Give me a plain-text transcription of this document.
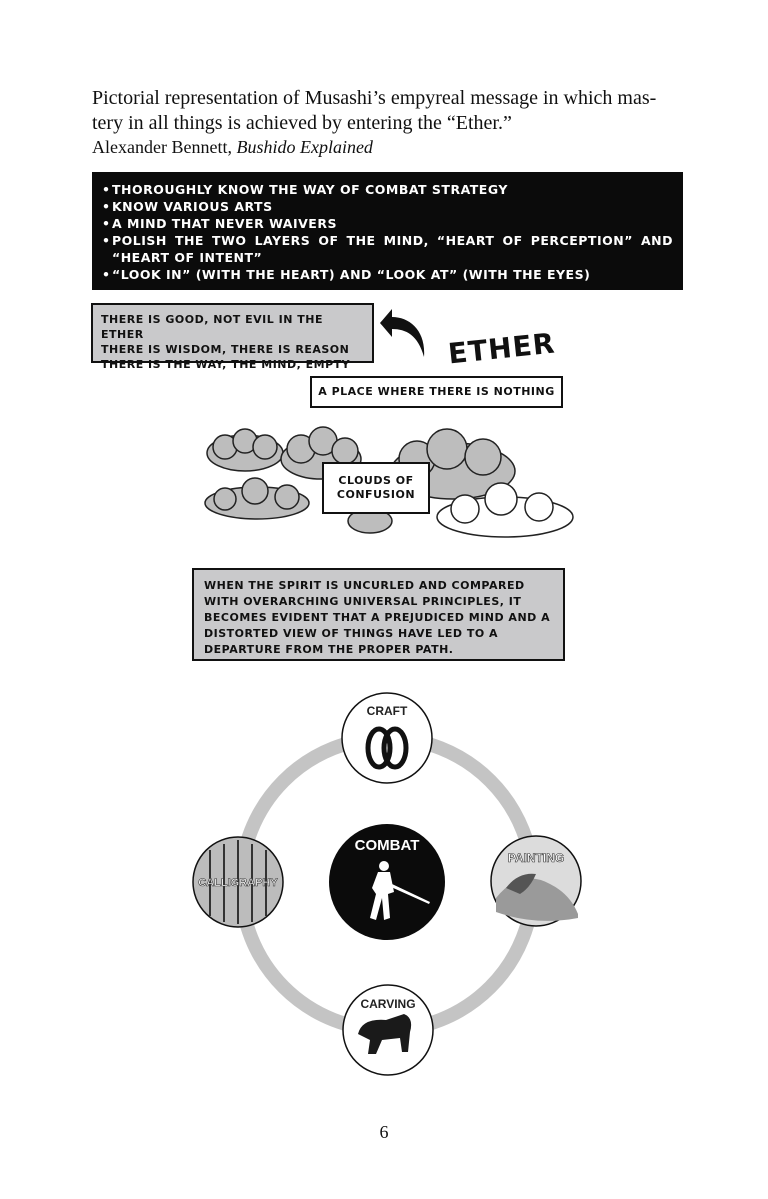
Pictorial representation of Musashi’s empyreal message in which mas-
tery in all things is achieved by entering the “Ether.”
Alexander Bennett, Bushido Explained
• THOROUGHLY KNOW THE WAY OF COMBAT STRATEGY
• KNOW VARIOUS ARTS
• A MIND THAT NEVER WAIVERS
• POLISH THE TWO LAYERS OF THE MIND, “HEART OF PERCEPTION” AND “HEART OF INTENT”
• “LOOK IN” (WITH THE HEART) AND “LOOK AT” (WITH THE EYES)
THERE IS GOOD, NOT EVIL IN THE ETHER
THERE IS WISDOM, THERE IS REASON
THERE IS THE WAY, THE MIND, EMPTY	ETHER
A PLACE WHERE THERE IS NOTHING
CLOUDS OF
CONFUSION
WHEN THE SPIRIT IS UNCURLED AND COMPARED WITH OVERARCHING UNIVERSAL PRINCIPLES, IT BECOMES EVIDENT THAT A PREJUDICED MIND AND A DISTORTED VIEW OF THINGS HAVE LED TO A DEPARTURE FROM THE PROPER PATH.
COMBAT
CRAFT
PAINTING
CALLIGRAPHY
CARVING
6
